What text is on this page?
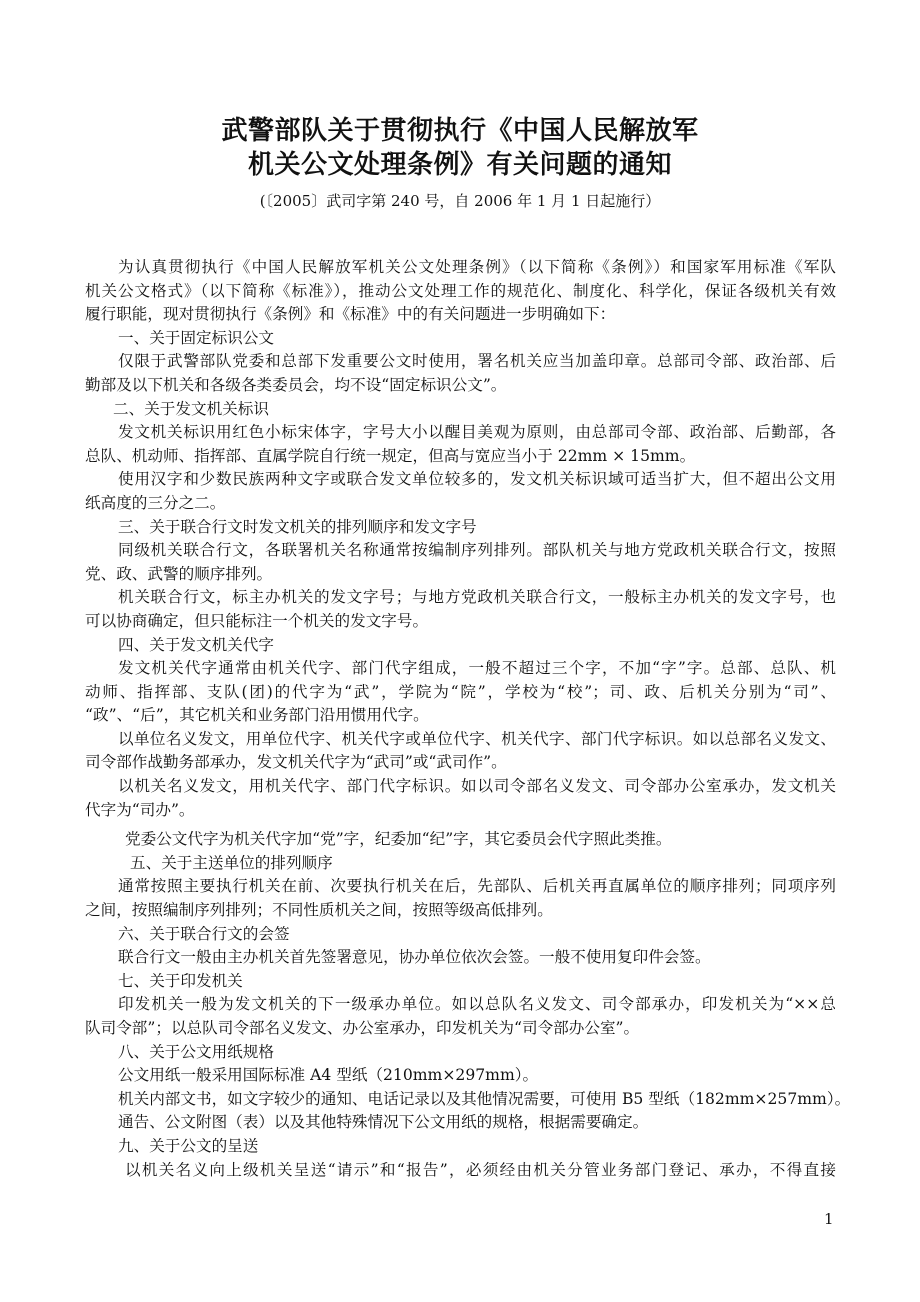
武警部队关于贯彻执行《中国人民解放军
机关公文处理条例》有关问题的通知
(〔2005〕武司字第 240 号，自 2006 年 1 月 1 日起施行）
为认真贯彻执行《中国人民解放军机关公文处理条例》（以下简称《条例》）和国家军用标准《军队
机关公文格式》（以下简称《标准》），推动公文处理工作的规范化、制度化、科学化，保证各级机关有效
履行职能，现对贯彻执行《条例》和《标准》中的有关问题进一步明确如下：
一、关于固定标识公文
仅限于武警部队党委和总部下发重要公文时使用，署名机关应当加盖印章。总部司令部、政治部、后
勤部及以下机关和各级各类委员会，均不设“固定标识公文”。
二、关于发文机关标识
发文机关标识用红色小标宋体字，字号大小以醒目美观为原则，由总部司令部、政治部、后勤部，各
总队、机动师、指挥部、直属学院自行统一规定，但高与宽应当小于 22mm × 15mm。
使用汉字和少数民族两种文字或联合发文单位较多的，发文机关标识域可适当扩大，但不超出公文用
纸高度的三分之二。
三、关于联合行文时发文机关的排列顺序和发文字号
同级机关联合行文，各联署机关名称通常按编制序列排列。部队机关与地方党政机关联合行文，按照
党、政、武警的顺序排列。
机关联合行文，标主办机关的发文字号；与地方党政机关联合行文，一般标主办机关的发文字号，也
可以协商确定，但只能标注一个机关的发文字号。
四、关于发文机关代字
发文机关代字通常由机关代字、部门代字组成，一般不超过三个字，不加“字”字。总部、总队、机
动师、指挥部、支队(团)的代字为“武”，学院为“院”，学校为“校”；司、政、后机关分别为“司”、
“政”、“后”，其它机关和业务部门沿用惯用代字。
以单位名义发文，用单位代字、机关代字或单位代字、机关代字、部门代字标识。如以总部名义发文、
司令部作战勤务部承办，发文机关代字为“武司”或“武司作”。
以机关名义发文，用机关代字、部门代字标识。如以司令部名义发文、司令部办公室承办，发文机关
代字为“司办”。
党委公文代字为机关代字加“党”字，纪委加“纪”字，其它委员会代字照此类推。
五、关于主送单位的排列顺序
通常按照主要执行机关在前、次要执行机关在后，先部队、后机关再直属单位的顺序排列；同项序列
之间，按照编制序列排列；不同性质机关之间，按照等级高低排列。
六、关于联合行文的会签
联合行文一般由主办机关首先签署意见，协办单位依次会签。一般不使用复印件会签。
七、关于印发机关
印发机关一般为发文机关的下一级承办单位。如以总队名义发文、司令部承办，印发机关为“××总
队司令部”；以总队司令部名义发文、办公室承办，印发机关为“司令部办公室”。
八、关于公文用纸规格
公文用纸一般采用国际标准 A4 型纸（210mm×297mm）。
机关内部文书，如文字较少的通知、电话记录以及其他情况需要，可使用 B5 型纸（182mm×257mm）。
通告、公文附图（表）以及其他特殊情况下公文用纸的规格，根据需要确定。
九、关于公文的呈送
以机关名义向上级机关呈送“请示”和“报告”，必须经由机关分管业务部门登记、承办，不得直接
1
